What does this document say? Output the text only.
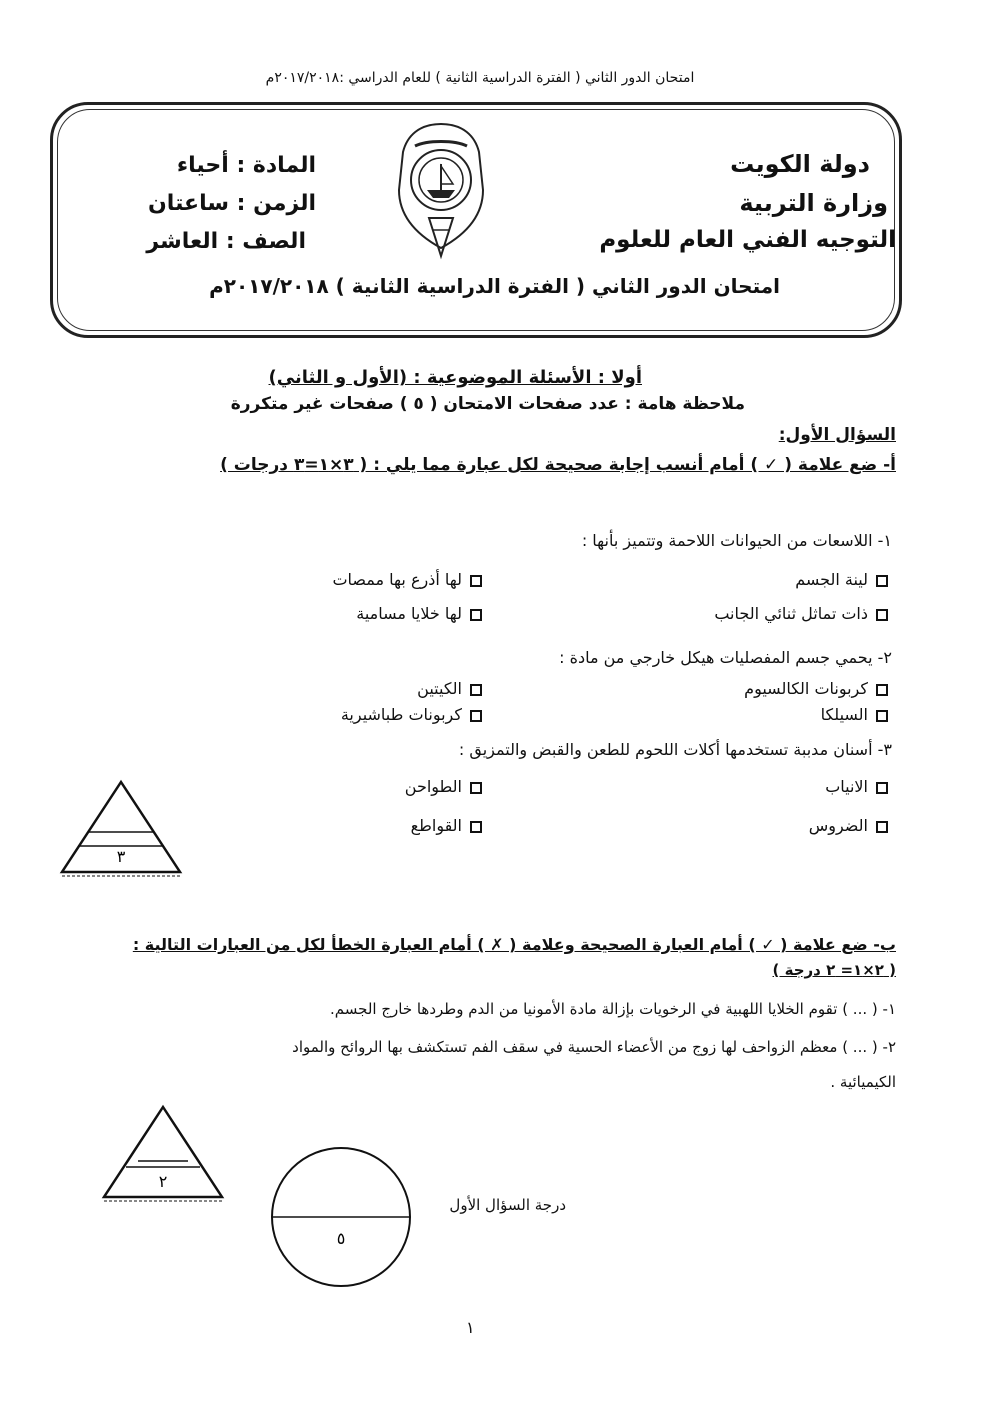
امتحان الدور الثاني ( الفترة الدراسية الثانية ) للعام الدراسي :٢٠١٧/٢٠١٨م
دولة الكويت
وزارة التربية
التوجيه الفني العام للعلوم
المادة : أحياء
الزمن : ساعتان
الصف : العاشر
امتحان الدور الثاني ( الفترة الدراسية الثانية ) ٢٠١٧/٢٠١٨م
أولا : الأسئلة الموضوعية : (الأول و الثاني)
ملاحظة هامة : عدد صفحات الامتحان ( ٥ ) صفحات غير متكررة
السؤال الأول:
أ- ضع علامة ( ✓ ) أمام أنسب إجابة صحيحة لكل عبارة مما يلي : ( ٣×١=٣ درجات )
١- اللاسعات من الحيوانات اللاحمة وتتميز بأنها :
لينة الجسم
لها أذرع بها ممصات
ذات تماثل ثنائي الجانب
لها خلايا مسامية
٢- يحمي جسم المفصليات هيكل خارجي من مادة :
كربونات الكالسيوم
الكيتين
السيلكا
كربونات طباشيرية
٣- أسنان مدببة تستخدمها أكلات اللحوم للطعن والقبض والتمزيق :
الانياب
الطواحن
الضروس
القواطع
٣
ب- ضع علامة ( ✓ ) أمام العبارة الصحيحة وعلامة ( ✗ ) أمام العبارة الخطأ لكل من العبارات التالية :
( ٢×١= ٢ درجة )
١- ( ... ) تقوم الخلايا اللهبية في الرخويات بإزالة مادة الأمونيا من الدم وطردها خارج الجسم.
٢- ( ... ) معظم الزواحف لها زوج من الأعضاء الحسية في سقف الفم تستكشف بها الروائح والمواد
الكيميائية .
٢
٥
درجة السؤال الأول
١
